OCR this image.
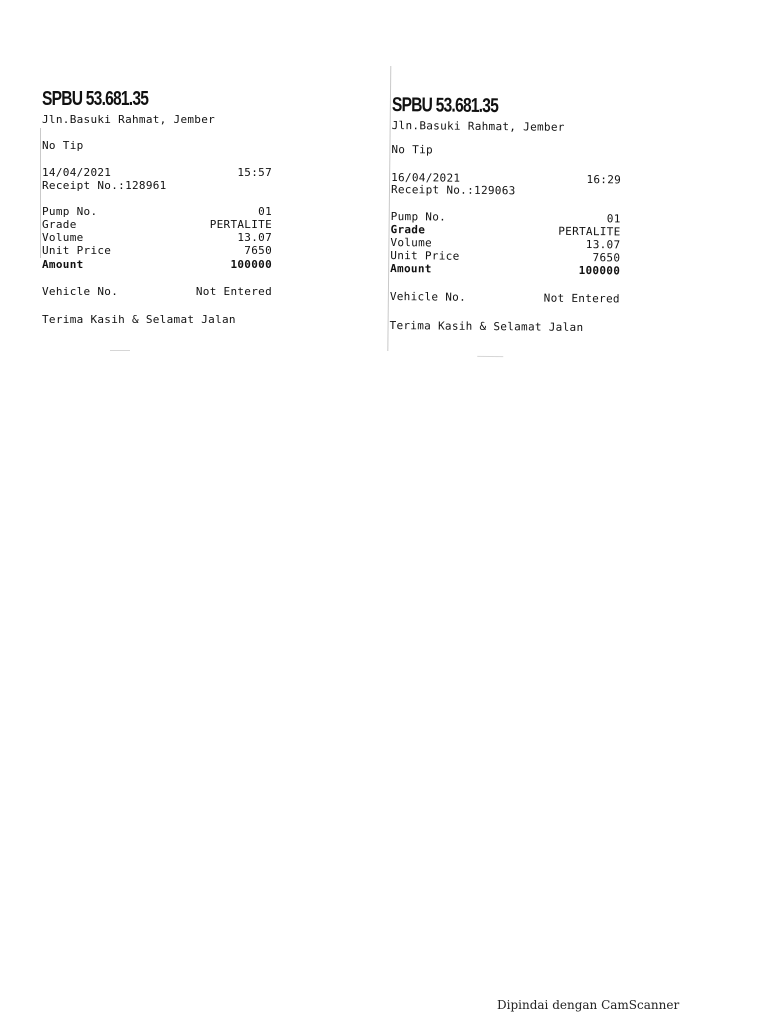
SPBU 53.681.35
Jln.Basuki Rahmat, Jember
No Tip
14/04/2021	15:57
Receipt No.:128961
Pump No.	01
Grade	PERTALITE
Volume	13.07
Unit Price	7650
Amount	100000
Vehicle No.	Not Entered
Terima Kasih & Selamat Jalan
SPBU 53.681.35
Jln.Basuki Rahmat, Jember
No Tip
16/04/2021	16:29
Receipt No.:129063
Pump No.	01
Grade	PERTALITE
Volume	13.07
Unit Price	7650
Amount	100000
Vehicle No.	Not Entered
Terima Kasih & Selamat Jalan
Dipindai dengan CamScanner
